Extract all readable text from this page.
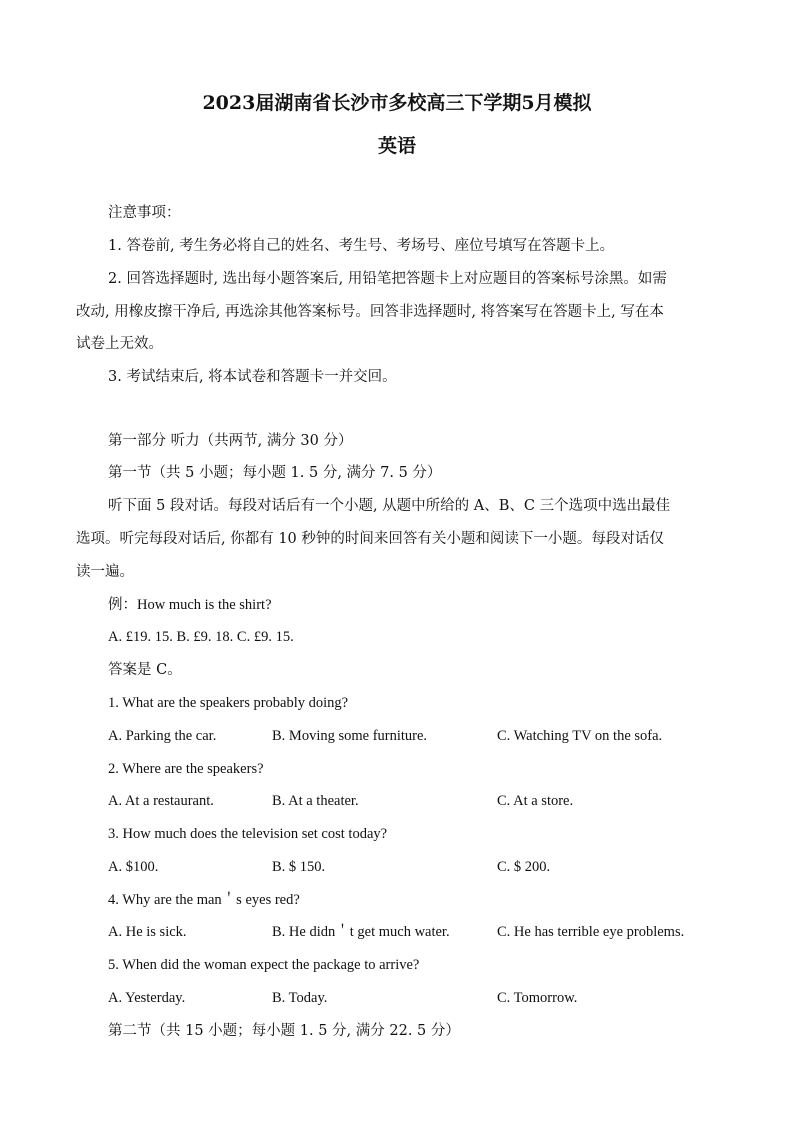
2023届湖南省长沙市多校高三下学期5月模拟
英语
注意事项：
1. 答卷前, 考生务必将自己的姓名、考生号、考场号、座位号填写在答题卡上。
2. 回答选择题时, 选出每小题答案后, 用铅笔把答题卡上对应题目的答案标号涂黑。如需
改动, 用橡皮擦干净后, 再选涂其他答案标号。回答非选择题时, 将答案写在答题卡上, 写在本
试卷上无效。
3. 考试结束后, 将本试卷和答题卡一并交回。
第一部分 听力（共两节, 满分 30 分）
第一节（共 5 小题；每小题 1. 5 分, 满分 7. 5 分）
听下面 5 段对话。每段对话后有一个小题, 从题中所给的 A、B、C 三个选项中选出最佳
选项。听完每段对话后, 你都有 10 秒钟的时间来回答有关小题和阅读下一小题。每段对话仅
读一遍。
例：How much is the shirt?
A. £19. 15. B. £9. 18. C. £9. 15.
答案是 C。
1. What are the speakers probably doing?
A. Parking the car.	B. Moving some furniture.	C. Watching TV on the sofa.
2. Where are the speakers?
A. At a restaurant.	B. At a theater.	C. At a store.
3. How much does the television set cost today?
A. $100.	B. $ 150.	C. $ 200.
4. Why are the man＇s eyes red?
A. He is sick.	B. He didn＇t get much water.	C. He has terrible eye problems.
5. When did the woman expect the package to arrive?
A. Yesterday.	B. Today.	C. Tomorrow.
第二节（共 15 小题；每小题 1. 5 分, 满分 22. 5 分）
